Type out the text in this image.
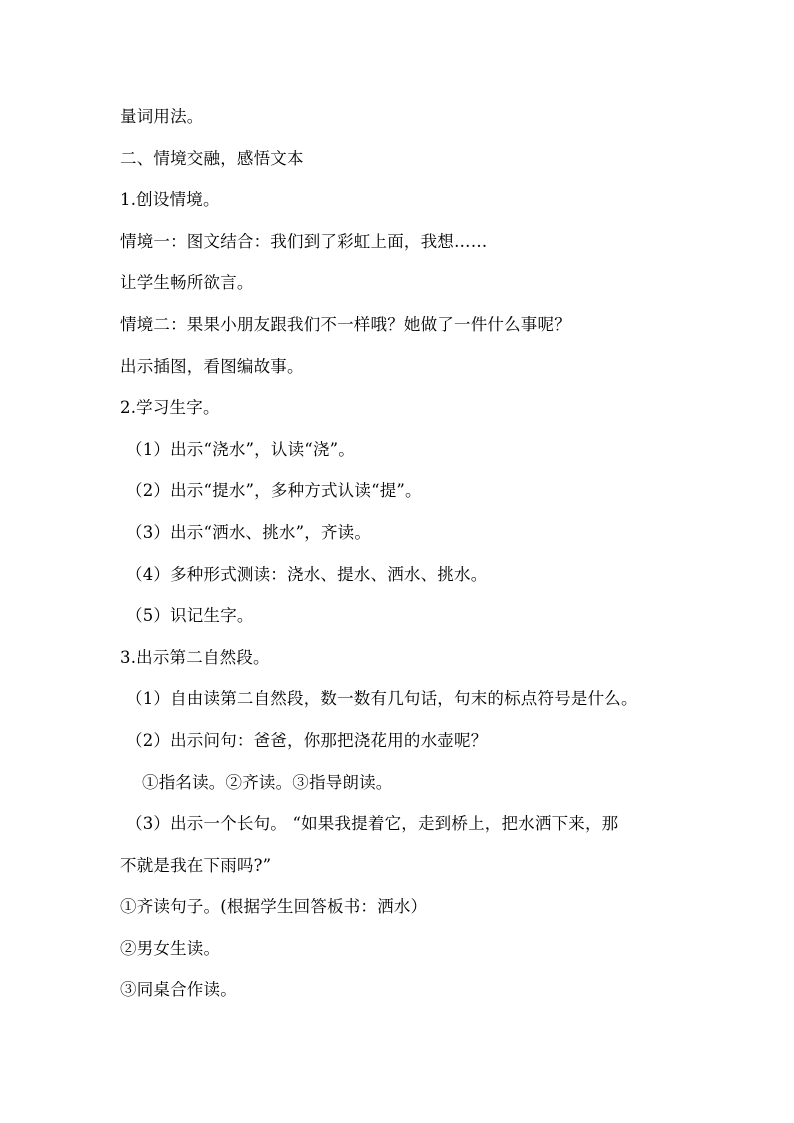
量词用法。
二、情境交融，感悟文本
1.创设情境。
情境一：图文结合：我们到了彩虹上面，我想……
让学生畅所欲言。
情境二：果果小朋友跟我们不一样哦？她做了一件什么事呢？
出示插图，看图编故事。
2.学习生字。
（1）出示“浇水”，认读“浇”。
（2）出示“提水”，多种方式认读“提”。
（3）出示“洒水、挑水”，齐读。
（4）多种形式测读：浇水、提水、洒水、挑水。
（5）识记生字。
3.出示第二自然段。
（1）自由读第二自然段，数一数有几句话，句末的标点符号是什么。
（2）出示问句：爸爸，你那把浇花用的水壶呢？
①指名读。②齐读。③指导朗读。
（3）出示一个长句。 “如果我提着它，走到桥上，把水洒下来，那
不就是我在下雨吗?”
①齐读句子。(根据学生回答板书：洒水）
②男女生读。
③同桌合作读。
